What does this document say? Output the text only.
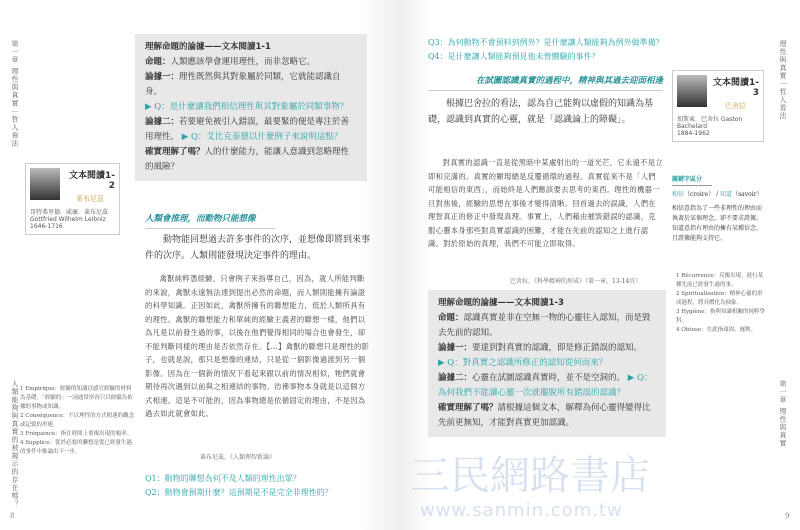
第一章 理性與真實｜哲人看法
人類能夠與真實的被揭示的存在嗎？
理解命題的論據——文本閱讀1-1
命題：人類應該學會運用理性，而非忽略它。
論據一：理性既然與其對象屬於同類，它就能認識自身。
▶ Q：是什麼讓我們相信理性與其對象屬於同類事物？
論據二：若要避免被引入錯誤，最要緊的便是專注於善用理性。 ▶ Q：艾比克泰德以什麼例子來說明這點？
確實理解了嗎？人的什麼能力，能讓人意識到忽略理性的風險？
文本閱讀1-2
萊布尼茲
哥特弗里德．威廉．萊布尼茲
Gottfried Wilhelm Leibniz
1646-1716
人類會推理，而動物只能想像
動物能回想過去許多事件的次序，並想像即將到來事件的次序。人類則能發現決定事件的理由。
禽獸純粹憑經驗，只會例子來指導自己，因為，就人所能判斷的來說，禽獸永遠無法達到提出必然的命題，而人類則能擁有論證的科學知識。正因如此，禽獸所擁有的聯想能力，低於人類所具有的理性。禽獸的聯想能力和單純的經驗主義者的聯想一樣，他們以為凡是以前發生過的事，以後在他們覺得相同的場合也會發生，卻不能判斷同樣的理由是否依然存在。【…】禽獸的聯想只是理性的影子，也就是說，那只是想像的連結，只是從一個影像過渡到另一個影像。因為在一個新的情況下看起來跟以前的情況相似，牠們就會期待再次遇到以前與之相連結的事物。彷彿事物本身就是以這個方式相連。這是不可能的，因為事物總是依循固定的理由，不是因為過去如此就會如此。
萊布尼茲，《人類理智新論》
1 Empirique：經驗的知識以感官經驗的材料為基礎。「經驗的」一詞通常形容只以經驗為依據的事物或知識。
2 Conséquence：不以理性的方式相連的觀念或記憶的串連。
3 Fréquence：指在時間上重複出現的頻率。
4 Supplice：從於必要的聯想是從已經發生過的事件中推論出下一步。
Q1：動物的聯想為何不及人類的理性出眾？
Q2：動物會預期什麼？這預期是不是完全非理性的？
8
Q3：為何動物不會預料到例外？是什麼讓人類能夠為例外做準備？
Q4：是什麼讓人類能夠預見他未曾體驗的事件？
在試圖認識真實的過程中，精神與其過去迎面相逢
根據巴舍拉的看法，認為自己能夠以虛假的知識為基礎，認識到真實的心靈，就是「認識論上的障礙」。
對真實的認識一直是從黑暗中某處射出的一道光芒，它永遠不是立即和完滿的。真實的顯現總是反覆循環的過程。真實從來不是「人們可能相信的東西」，而始終是人們應該要去思考的東西。理性的機器一旦對焦後，經驗的思想在事後才變得清晰。回首過去的誤識，人們在理智真正的修正中發現真理。事實上，人們藉由摧毀錯誤的認識，克服心靈本身那些對真實認識的困難，才能在先前的認知之上進行認識。對於原始的真理，我們不可能立即取得。
巴舍拉，《科學精神的形成》（第一章，13-14頁）
理解命題的論據——文本閱讀1-3
命題：認識真實並非在空無一物的心靈往入認知，而是毀去先前的認知。
論據一：要達到對真實的認識，即是修正錯誤的認知。
▶ Q：對真實之認識所修正的認知從何而來？
論據二：心靈在試圖認識真實時，並不是空洞的。 ▶ Q：為何我們不能讓心靈一次就擺脫所有錯誤的認識？
確實理解了嗎？請根據這個文本，解釋為何心靈得變得比先前更無知，才能對真實更加認識。
三民網路書店
www.sanmin.com.tw
文本閱讀1-3
巴舍拉
加斯東．巴舍拉 Gaston Bachelard
1884-1962
關鍵字區分
相信（croire） / 知道（savoir）
相信意指為了一些非理性的理由而執著於某個理念，卻不要求證據。知道意指有理由的擁有某種信念，且證據能夠支持它。
1 Récurrence：反覆出現，進行某種先前已經發生過的事。
2 Spiritualisation：精神心靈的形成過程，將具體化為抽象。
3 Hygiène：指與知識相關的純粹學科。
4 Obtuse：在此指頑固、遲鈍。
理性與真實｜哲人看法
第一章 理性與真實
9
